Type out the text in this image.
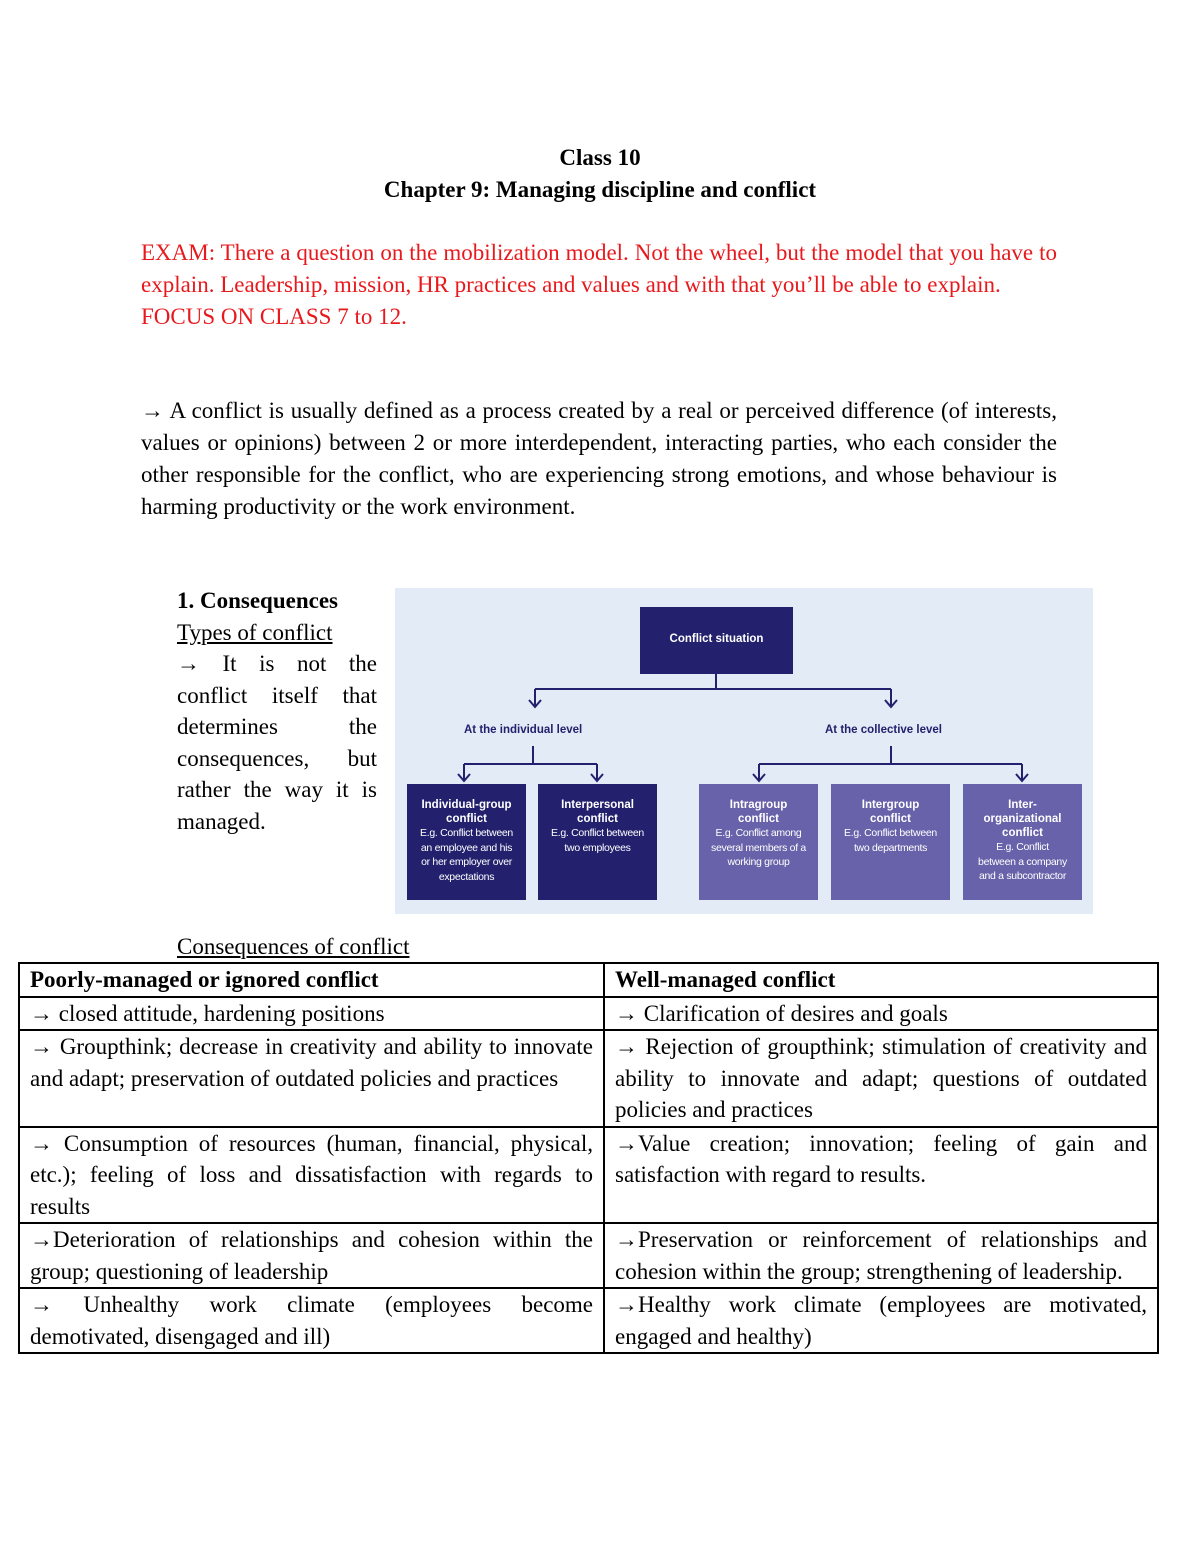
Class 10
Chapter 9: Managing discipline and conflict

EXAM: There a question on the mobilization model. Not the wheel, but the model that you have to explain. Leadership, mission, HR practices and values and with that you’ll be able to explain.

FOCUS ON CLASS 7 to 12.

→ A conflict is usually defined as a process created by a real or perceived difference (of interests, values or opinions) between 2 or more interdependent, interacting parties, who each consider the other responsible for the conflict, who are experiencing strong emotions, and whose behaviour is harming productivity or the work environment.
1. Consequences
Types of conflict
→ It is not the conflict itself that determines the consequences, but rather the way it is managed.
Conflict situation
At the individual level	At the collective level
Individual-group conflict
E.g. Conflict between an employee and his or her employer over expectations
Interpersonal conflict
E.g. Conflict between two employees
Intragroup conflict
E.g. Conflict among several members of a working group
Intergroup conflict
E.g. Conflict between two departments
Inter-organizational conflict
E.g. Conflict between a company and a subcontractor
Consequences of conflict
Poorly-managed or ignored conflict	Well-managed conflict
→ closed attitude, hardening positions	→ Clarification of desires and goals
→ Groupthink; decrease in creativity and ability to innovate and adapt; preservation of outdated policies and practices	→ Rejection of groupthink; stimulation of creativity and ability to innovate and adapt; questions of outdated policies and practices
→ Consumption of resources (human, financial, physical, etc.); feeling of loss and dissatisfaction with regards to results	→Value creation; innovation; feeling of gain and satisfaction with regard to results.
→Deterioration of relationships and cohesion within the group; questioning of leadership	→Preservation or reinforcement of relationships and cohesion within the group; strengthening of leadership.
→ Unhealthy work climate (employees become demotivated, disengaged and ill)	→Healthy work climate (employees are motivated, engaged and healthy)
